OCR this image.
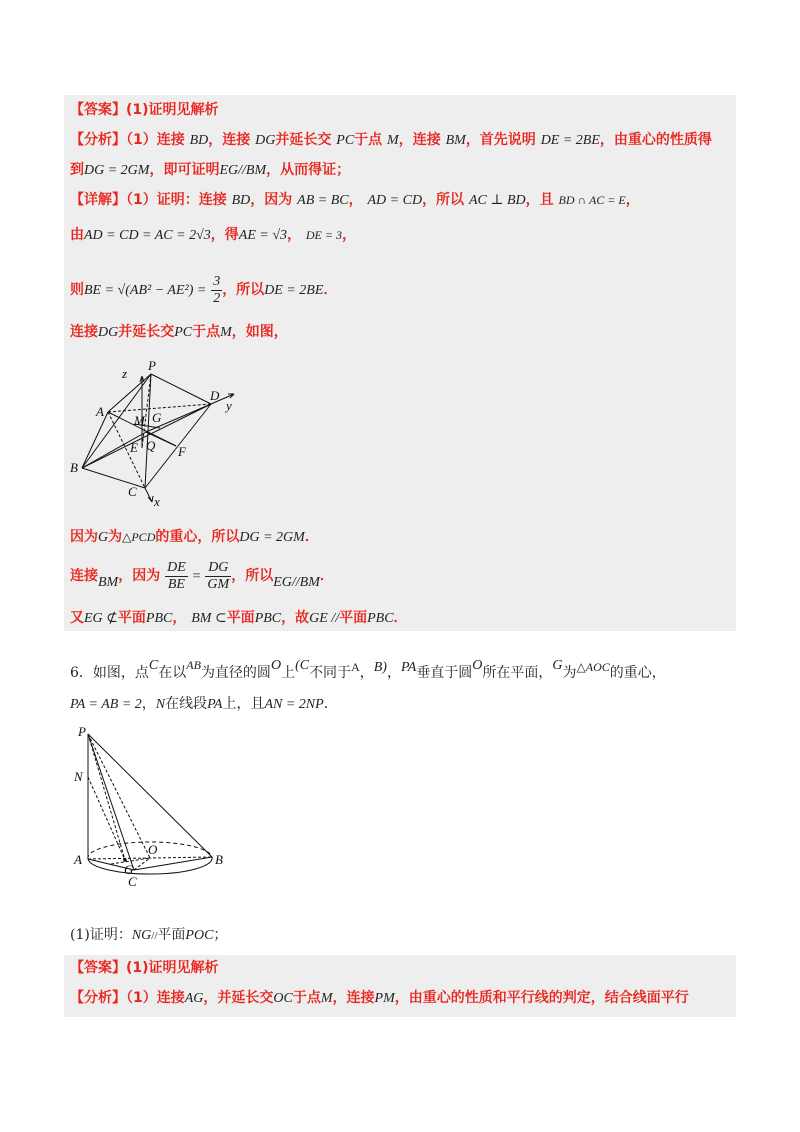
【答案】(1)证明见解析
【分析】（1）连接 BD，连接 DG并延长交 PC于点 M，连接 BM，首先说明 DE = 2BE，由重心的性质得
到DG = 2GM，即可证明EG//BM，从而得证；
【详解】（1）证明：连接 BD，因为 AB = BC， AD = CD，所以 AC ⊥ BD，且 BD ∩ AC = E，
由AD = CD = AC = 2√3，得AE = √3， DE = 3，
则BE = $√(AB^2 - AE^2) = \frac{3}{2}$ ，所以DE = 2BE．
连接DG并延长交PC于点M，如图，
P
z
A
M G
D
y
E Q F
B
C
x
因为G为△PCD的重心，所以DG = 2GM．
连接BM，因为 $\frac{DE}{BE} = \frac{DG}{GM}$ ，所以EG//BM．
又EG ⊄平面PBC， BM ⊂平面PBC，故GE //平面PBC．
6．如图，点C在以AB为直径的圆O上(C不同于A，B)，PA垂直于圆O所在平面，G为△AOC的重心，
PA = AB = 2，N在线段PA上，且AN = 2NP.
P
N
A
O
B
G
C
(1)证明：NG//平面POC；
【答案】(1)证明见解析
【分析】（1）连接AG，并延长交OC于点M，连接PM，由重心的性质和平行线的判定，结合线面平行
